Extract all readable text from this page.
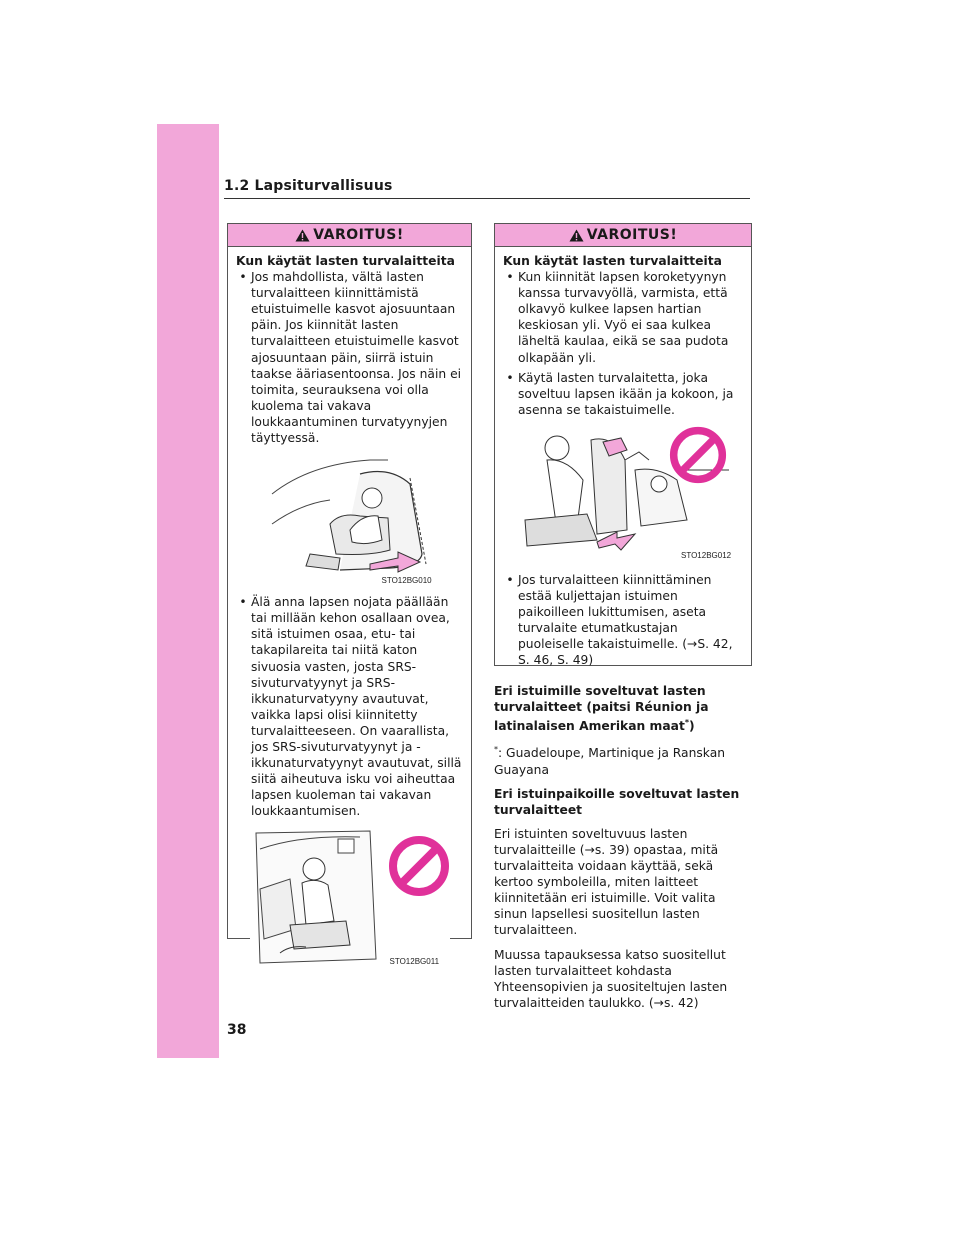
1.2 Lapsiturvallisuus
VAROITUS!
Kun käytät lasten turvalaitteita
• Jos mahdollista, vältä lasten turvalaitteen kiinnittämistä etuistuimelle kasvot ajosuuntaan päin. Jos kiinnität lasten turvalaitteen etuistuimelle kasvot ajosuuntaan päin, siirrä istuin taakse ääriasentoonsa. Jos näin ei toimita, seurauksena voi olla kuolema tai vakava loukkaantuminen turvatyynyjen täyttyessä.
STO12BG010
• Älä anna lapsen nojata päällään tai millään kehon osallaan ovea, sitä istuimen osaa, etu- tai takapilareita tai niitä katon sivuosia vasten, josta SRS-sivuturvatyynyt ja SRS-ikkunaturvatyyny avautuvat, vaikka lapsi olisi kiinnitetty turvalaitteeseen. On vaarallista, jos SRS-sivuturvatyynyt ja -ikkunaturvatyynyt avautuvat, sillä siitä aiheutuva isku voi aiheuttaa lapsen kuoleman tai vakavan loukkaantumisen.
STO12BG011
VAROITUS!
Kun käytät lasten turvalaitteita
• Kun kiinnität lapsen koroketyynyn kanssa turvavyöllä, varmista, että olkavyö kulkee lapsen hartian keskiosan yli. Vyö ei saa kulkea läheltä kaulaa, eikä se saa pudota olkapään yli.
• Käytä lasten turvalaitetta, joka soveltuu lapsen ikään ja kokoon, ja asenna se takaistuimelle.
STO12BG012
• Jos turvalaitteen kiinnittäminen estää kuljettajan istuimen paikoilleen lukittumisen, aseta turvalaite etumatkustajan puoleiselle takaistuimelle. (→S. 42, S. 46, S. 49)

Eri istuimille soveltuvat lasten turvalaitteet (paitsi Réunion ja latinalaisen Amerikan maat*)

*: Guadeloupe, Martinique ja Ranskan Guayana

Eri istuinpaikoille soveltuvat lasten turvalaitteet

Eri istuinten soveltuvuus lasten turvalaitteille (→s. 39) opastaa, mitä turvalaitteita voidaan käyttää, sekä kertoo symboleilla, miten laitteet kiinnitetään eri istuimille. Voit valita sinun lapsellesi suositellun lasten turvalaitteen.

Muussa tapauksessa katso suositellut lasten turvalaitteet kohdasta Yhteensopivien ja suositeltujen lasten turvalaitteiden taulukko. (→s. 42)

38
